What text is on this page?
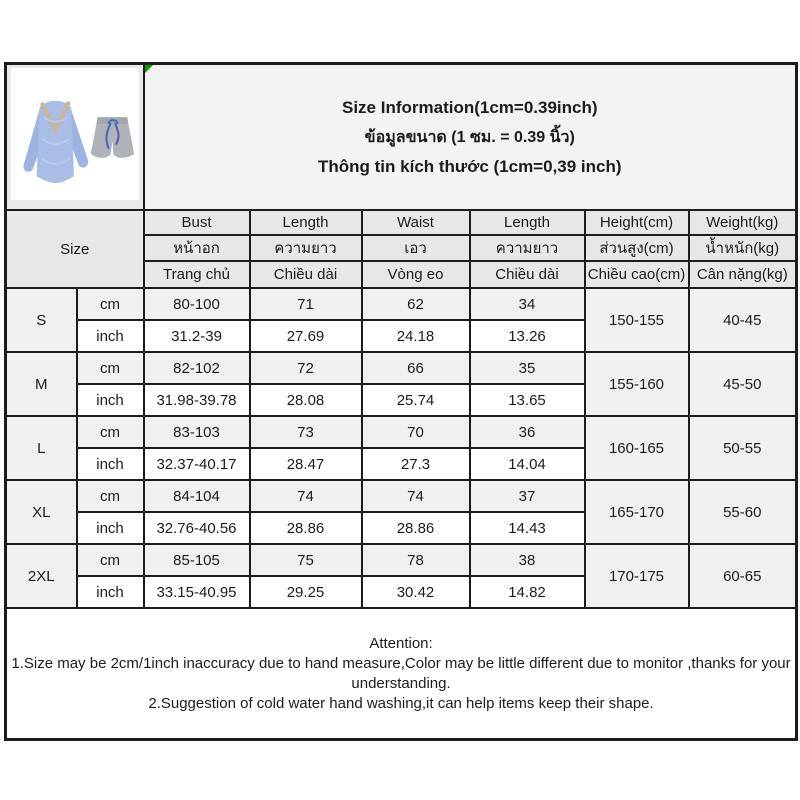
Size Information(1cm=0.39inch)

ข้อมูลขนาด (1 ซม. = 0.39 นิ้ว)

Thông tin kích thước (1cm=0,39 inch)					

Size		Bust	Length	Waist	Length	Height(cm)	Weight(kg)
		หน้าอก	ความยาว	เอว	ความยาว	ส่วนสูง(cm)	น้ำหนัก(kg)
		Trang chủ	Chiều dài	Vòng eo	Chiều dài	Chiều cao(cm)	Cân nặng(kg)
S	cm	80-100	71	62	34	150-155	40-45
	inch	31.2-39	27.69	24.18	13.26		
M	cm	82-102	72	66	35	155-160	45-50
	inch	31.98-39.78	28.08	25.74	13.65		
L	cm	83-103	73	70	36	160-165	50-55
	inch	32.37-40.17	28.47	27.3	14.04		
XL	cm	84-104	74	74	37	165-170	55-60
	inch	32.76-40.56	28.86	28.86	14.43		
2XL	cm	85-105	75	78	38	170-175	60-65
	inch	33.15-40.95	29.25	30.42	14.82		

Attention:

1.Size may be 2cm/1inch inaccuracy due to hand measure,Color may be little different due to monitor ,thanks for your understanding.

2.Suggestion of cold water hand washing,it can help items keep their shape.							
